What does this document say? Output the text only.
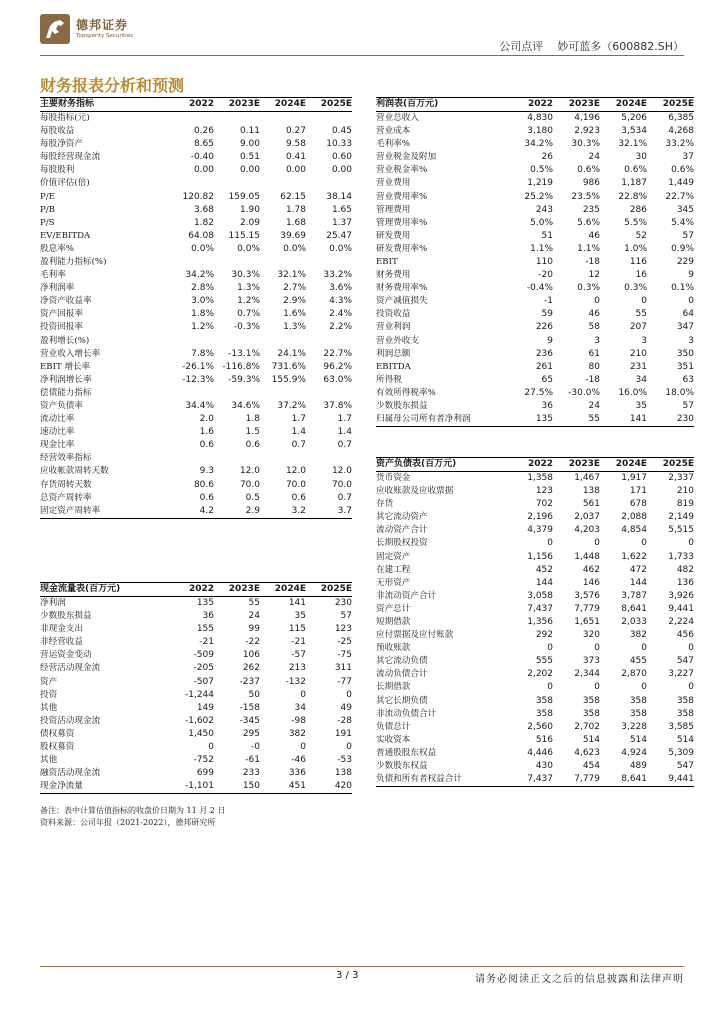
德邦证券
Topsperity Securities
公司点评 妙可蓝多（600882.SH）
财务报表分析和预测
主要财务指标	2022	2023E	2024E	2025E
每股指标(元)				
每股收益	0.26	0.11	0.27	0.45
每股净资产	8.65	9.00	9.58	10.33
每股经营现金流	-0.40	0.51	0.41	0.60
每股股利	0.00	0.00	0.00	0.00
价值评估(倍)				
P/E	120.82	159.05	62.15	38.14
P/B	3.68	1.90	1.78	1.65
P/S	1.82	2.09	1.68	1.37
EV/EBITDA	64.08	115.15	39.69	25.47
股息率%	0.0%	0.0%	0.0%	0.0%
盈利能力指标(%)				
毛利率	34.2%	30.3%	32.1%	33.2%
净利润率	2.8%	1.3%	2.7%	3.6%
净资产收益率	3.0%	1.2%	2.9%	4.3%
资产回报率	1.8%	0.7%	1.6%	2.4%
投资回报率	1.2%	-0.3%	1.3%	2.2%
盈利增长(%)				
营业收入增长率	7.8%	-13.1%	24.1%	22.7%
EBIT 增长率	-26.1%	-116.8%	731.6%	96.2%
净利润增长率	-12.3%	-59.3%	155.9%	63.0%
偿债能力指标				
资产负债率	34.4%	34.6%	37.2%	37.8%
流动比率	2.0	1.8	1.7	1.7
速动比率	1.6	1.5	1.4	1.4
现金比率	0.6	0.6	0.7	0.7
经营效率指标				
应收帐款周转天数	9.3	12.0	12.0	12.0
存货周转天数	80.6	70.0	70.0	70.0
总资产周转率	0.6	0.5	0.6	0.7
固定资产周转率	4.2	2.9	3.2	3.7
现金流量表(百万元)	2022	2023E	2024E	2025E
净利润	135	55	141	230
少数股东损益	36	24	35	57
非现金支出	155	99	115	123
非经营收益	-21	-22	-21	-25
营运资金变动	-509	106	-57	-75
经营活动现金流	-205	262	213	311
资产	-507	-237	-132	-77
投资	-1,244	50	0	0
其他	149	-158	34	49
投资活动现金流	-1,602	-345	-98	-28
债权募资	1,450	295	382	191
股权募资	0	-0	0	0
其他	-752	-61	-46	-53
融资活动现金流	699	233	336	138
现金净流量	-1,101	150	451	420
利润表(百万元)	2022	2023E	2024E	2025E
营业总收入	4,830	4,196	5,206	6,385
营业成本	3,180	2,923	3,534	4,268
毛利率%	34.2%	30.3%	32.1%	33.2%
营业税金及附加	26	24	30	37
营业税金率%	0.5%	0.6%	0.6%	0.6%
营业费用	1,219	986	1,187	1,449
营业费用率%	25.2%	23.5%	22.8%	22.7%
管理费用	243	235	286	345
管理费用率%	5.0%	5.6%	5.5%	5.4%
研发费用	51	46	52	57
研发费用率%	1.1%	1.1%	1.0%	0.9%
EBIT	110	-18	116	229
财务费用	-20	12	16	9
财务费用率%	-0.4%	0.3%	0.3%	0.1%
资产减值损失	-1	0	0	0
投资收益	59	46	55	64
营业利润	226	58	207	347
营业外收支	9	3	3	3
利润总额	236	61	210	350
EBITDA	261	80	231	351
所得税	65	-18	34	63
有效所得税率%	27.5%	-30.0%	16.0%	18.0%
少数股东损益	36	24	35	57
归属母公司所有者净利润	135	55	141	230
资产负债表(百万元)	2022	2023E	2024E	2025E
货币资金	1,358	1,467	1,917	2,337
应收账款及应收票据	123	138	171	210
存货	702	561	678	819
其它流动资产	2,196	2,037	2,088	2,149
流动资产合计	4,379	4,203	4,854	5,515
长期股权投资	0	0	0	0
固定资产	1,156	1,448	1,622	1,733
在建工程	452	462	472	482
无形资产	144	146	144	136
非流动资产合计	3,058	3,576	3,787	3,926
资产总计	7,437	7,779	8,641	9,441
短期借款	1,356	1,651	2,033	2,224
应付票据及应付账款	292	320	382	456
预收账款	0	0	0	0
其它流动负债	555	373	455	547
流动负债合计	2,202	2,344	2,870	3,227
长期借款	0	0	0	0
其它长期负债	358	358	358	358
非流动负债合计	358	358	358	358
负债总计	2,560	2,702	3,228	3,585
实收资本	516	514	514	514
普通股股东权益	4,446	4,623	4,924	5,309
少数股东权益	430	454	489	547
负债和所有者权益合计	7,437	7,779	8,641	9,441
备注：表中计算估值指标的收盘价日期为 11 月 2 日
资料来源：公司年报（2021-2022），德邦研究所
3 / 3	请务必阅读正文之后的信息披露和法律声明
